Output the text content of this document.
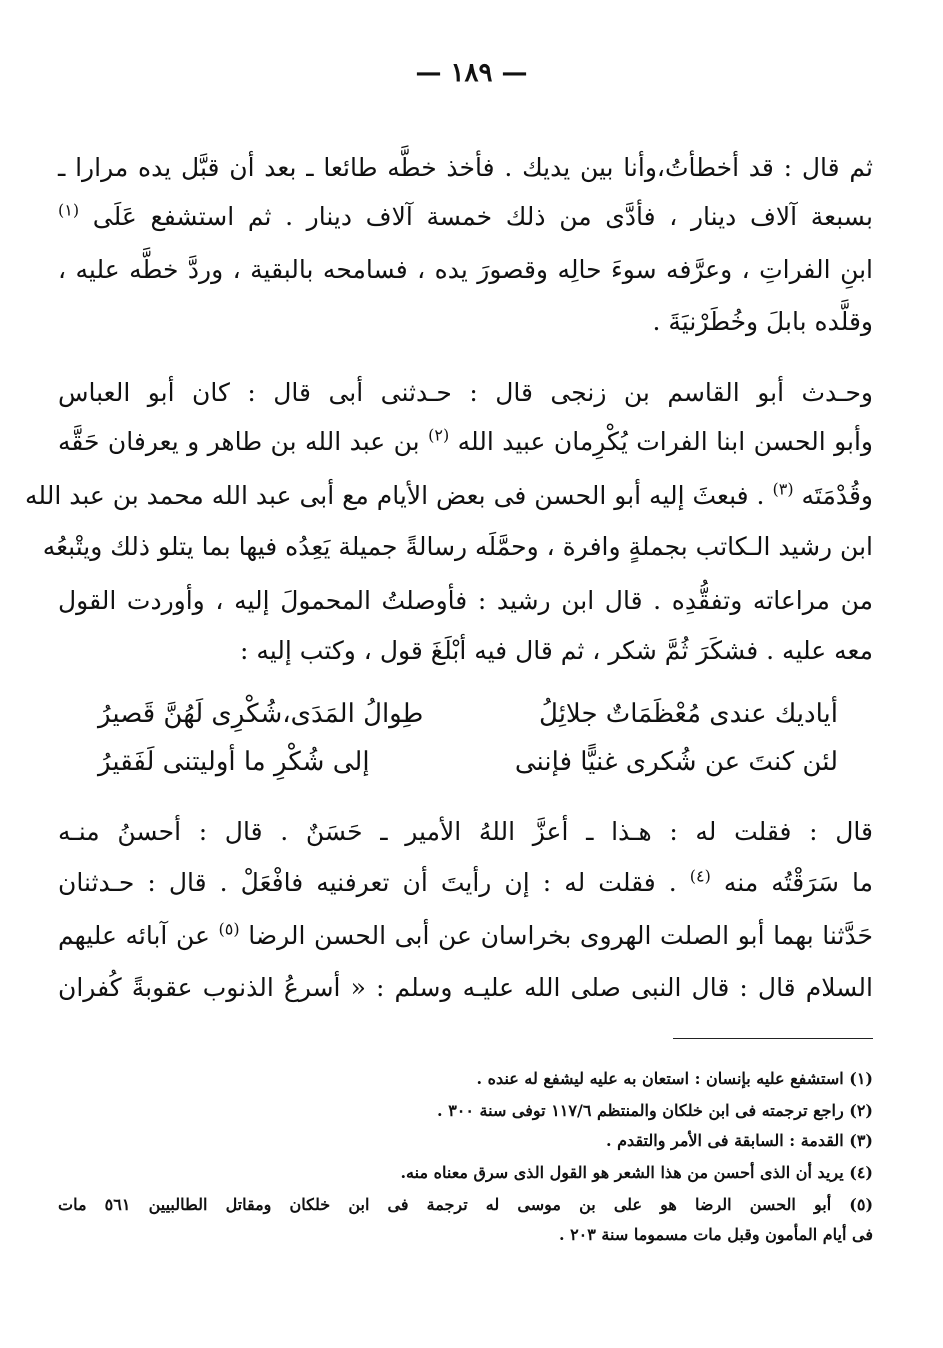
— ١٨٩ —
ثم قال : قد أخطأتُ،وأنا بين يديك . فأخذ خطَّه طائعا ـ بعد أن قبَّل يده مرارا ـ
بسبعة آلاف دينار ، فأدَّى من ذلك خمسة آلاف دينار . ثم استشفع عَلَى $^{(١)}$
ابنِ الفراتِ ، وعرَّفه سوءَ حالِه وقصورَ يده ، فسامحه بالبقية ، وردَّ خطَّه عليه ،
وقلَّده بابلَ وخُطَرْنيَةَ .
وحـدث أبو القاسم بن زنجى قال : حـدثنى أبى قال : كان أبو العباس
وأبو الحسن ابنا الفرات يُكْرِمان عبيد الله $^{(٢)}$ بن عبد الله بن طاهر و يعرفان حَقَّه
وقُدْمَتَه $^{(٣)}$ . فبعثَ إليه أبو الحسن فى بعض الأيام مع أبى عبد الله محمد بن عبد الله
ابن رشيد الـكاتب بجملةٍ وافرة ، وحمَّلَه رسالةً جميلة يَعِدُه فيها بما يتلو ذلك ويتْبعُه
من مراعاته وتفقُّدِه . قال ابن رشيد : فأوصلتُ المحمولَ إليه ، وأوردت القول
معه عليه . فشكَرَ ثُمَّ شكر ، ثم قال فيه أبْلَغَ قول ، وكتب إليه :
أياديك عندى مُعْظَمَاتٌ جلائِلُ
طِوالُ المَدَى،شُكْرِى لَهُنَّ قَصيرُ
لئن كنتَ عن شُكرى غنيًّا فإننى
إلى شُكْرِ ما أوليتنى لَفَقيرُ
قال : فقلت له : هـذا ـ أعزَّ اللهُ الأمير ـ حَسَنٌ . قال : أحسنُ منـه
ما سَرَقْتُه منه $^{(٤)}$ . فقلت له : إن رأيتَ أن تعرفنيه فافْعَلْ . قال : حـدثنان
حَدَّثنا بهما أبو الصلت الهروى بخراسان عن أبى الحسن الرضا $^{(٥)}$ عن آبائه عليهم
السلام قال : قال النبى صلى الله عليـه وسلم : « أسرعُ الذنوب عقوبةً كُفران
(١) استشفع عليه بإنسان : استعان به عليه ليشفع له عنده .
(٢) راجع ترجمته فى ابن خلكان والمنتظم ١١٧/٦ توفى سنة ٣٠٠ .
(٣) القدمة : السابقة فى الأمر والتقدم .
(٤) يريد أن الذى أحسن من هذا الشعر هو القول الذى سرق معناه منه.
(٥) أبو الحسن الرضا هو على بن موسى له ترجمة فى ابن خلكان ومقاتل الطالبيين ٥٦١ مات
فى أيام المأمون وقبل مات مسموما سنة ٢٠٣ .
